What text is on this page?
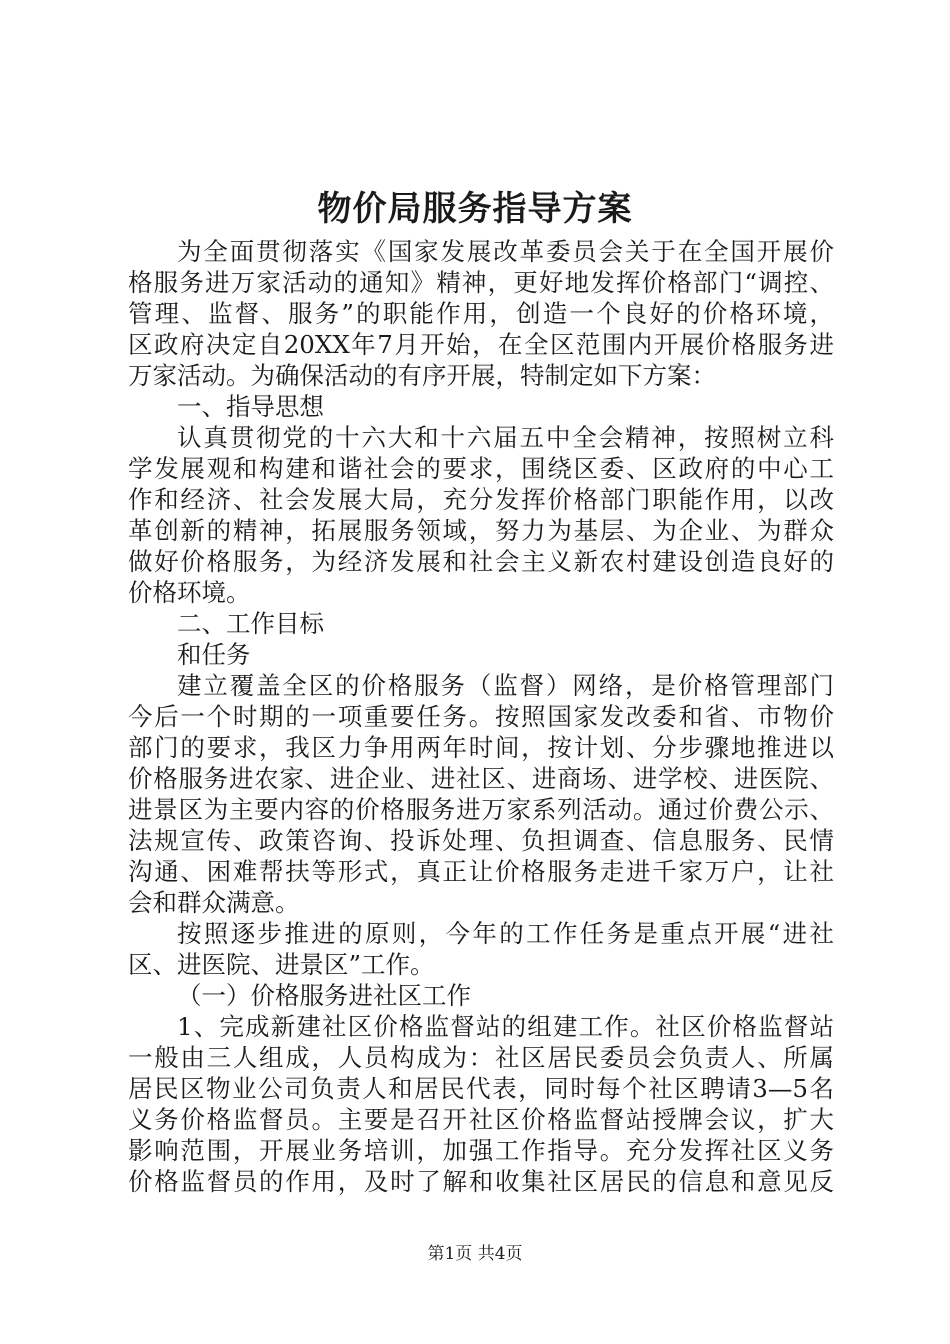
物价局服务指导方案
为全面贯彻落实《国家发展改革委员会关于在全国开展价
格服务进万家活动的通知》精神，更好地发挥价格部门“调控、
管理、监督、服务”的职能作用，创造一个良好的价格环境，
区政府决定自20XX年7月开始，在全区范围内开展价格服务进
万家活动。为确保活动的有序开展，特制定如下方案：
一、指导思想
认真贯彻党的十六大和十六届五中全会精神，按照树立科
学发展观和构建和谐社会的要求，围绕区委、区政府的中心工
作和经济、社会发展大局，充分发挥价格部门职能作用，以改
革创新的精神，拓展服务领域，努力为基层、为企业、为群众
做好价格服务，为经济发展和社会主义新农村建设创造良好的
价格环境。
二、工作目标
和任务
建立覆盖全区的价格服务（监督）网络，是价格管理部门
今后一个时期的一项重要任务。按照国家发改委和省、市物价
部门的要求，我区力争用两年时间，按计划、分步骤地推进以
价格服务进农家、进企业、进社区、进商场、进学校、进医院、
进景区为主要内容的价格服务进万家系列活动。通过价费公示、
法规宣传、政策咨询、投诉处理、负担调查、信息服务、民情
沟通、困难帮扶等形式，真正让价格服务走进千家万户，让社
会和群众满意。
按照逐步推进的原则，今年的工作任务是重点开展“进社
区、进医院、进景区”工作。
（一）价格服务进社区工作
1、完成新建社区价格监督站的组建工作。社区价格监督站
一般由三人组成，人员构成为：社区居民委员会负责人、所属
居民区物业公司负责人和居民代表，同时每个社区聘请3—5名
义务价格监督员。主要是召开社区价格监督站授牌会议，扩大
影响范围，开展业务培训，加强工作指导。充分发挥社区义务
价格监督员的作用，及时了解和收集社区居民的信息和意见反
第1页 共4页
